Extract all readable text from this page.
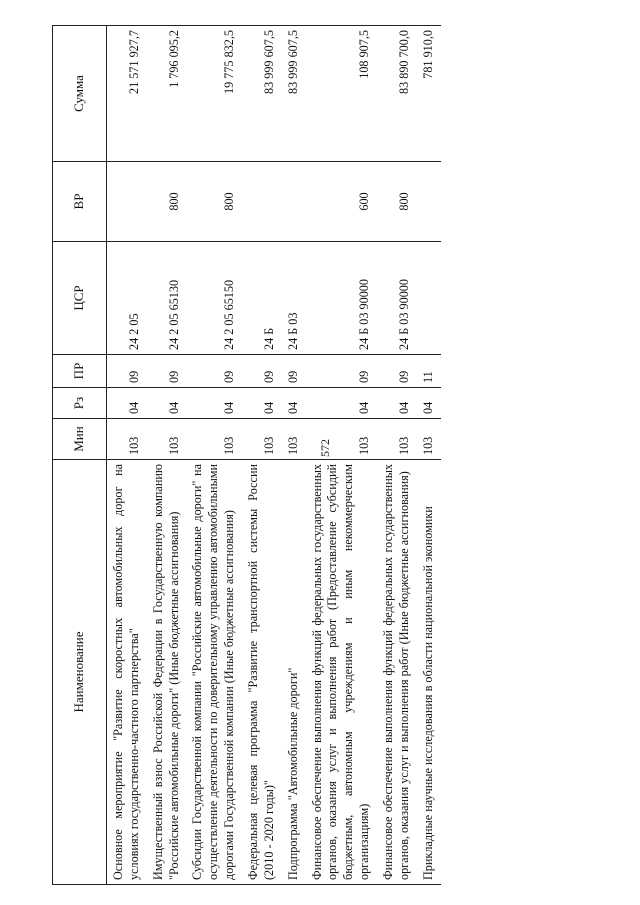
572
Наименование	Мин	Рз	ПР	ЦСР	ВР	Сумма
Основное мероприятие "Развитие скоростных автомобильных дорог на условиях государственно-частного партнерства"	103	04	09	24 2 05		21 571 927,7
Имущественный взнос Российской Федерации в Государственную компанию "Российские автомобильные дороги" (Иные бюджетные ассигнования)	103	04	09	24 2 05 65130	800	1 796 095,2
Субсидии Государственной компании "Российские автомобильные дороги" на осуществление деятельности по доверительному управлению автомобильными дорогами Государственной компании (Иные бюджетные ассигнования)	103	04	09	24 2 05 65150	800	19 775 832,5
Федеральная целевая программа "Развитие транспортной системы России (2010 - 2020 годы)"	103	04	09	24 Б		83 999 607,5
Подпрограмма "Автомобильные дороги"	103	04	09	24 Б 03		83 999 607,5
Финансовое обеспечение выполнения функций федеральных государственных органов, оказания услуг и выполнения работ (Предоставление субсидий бюджетным, автономным учреждениям и иным некоммерческим организациям)	103	04	09	24 Б 03 90000	600	108 907,5
Финансовое обеспечение выполнения функций федеральных государственных органов, оказания услуг и выполнения работ (Иные бюджетные ассигнования)	103	04	09	24 Б 03 90000	800	83 890 700,0
Прикладные научные исследования в области национальной экономики	103	04	11			781 910,0
